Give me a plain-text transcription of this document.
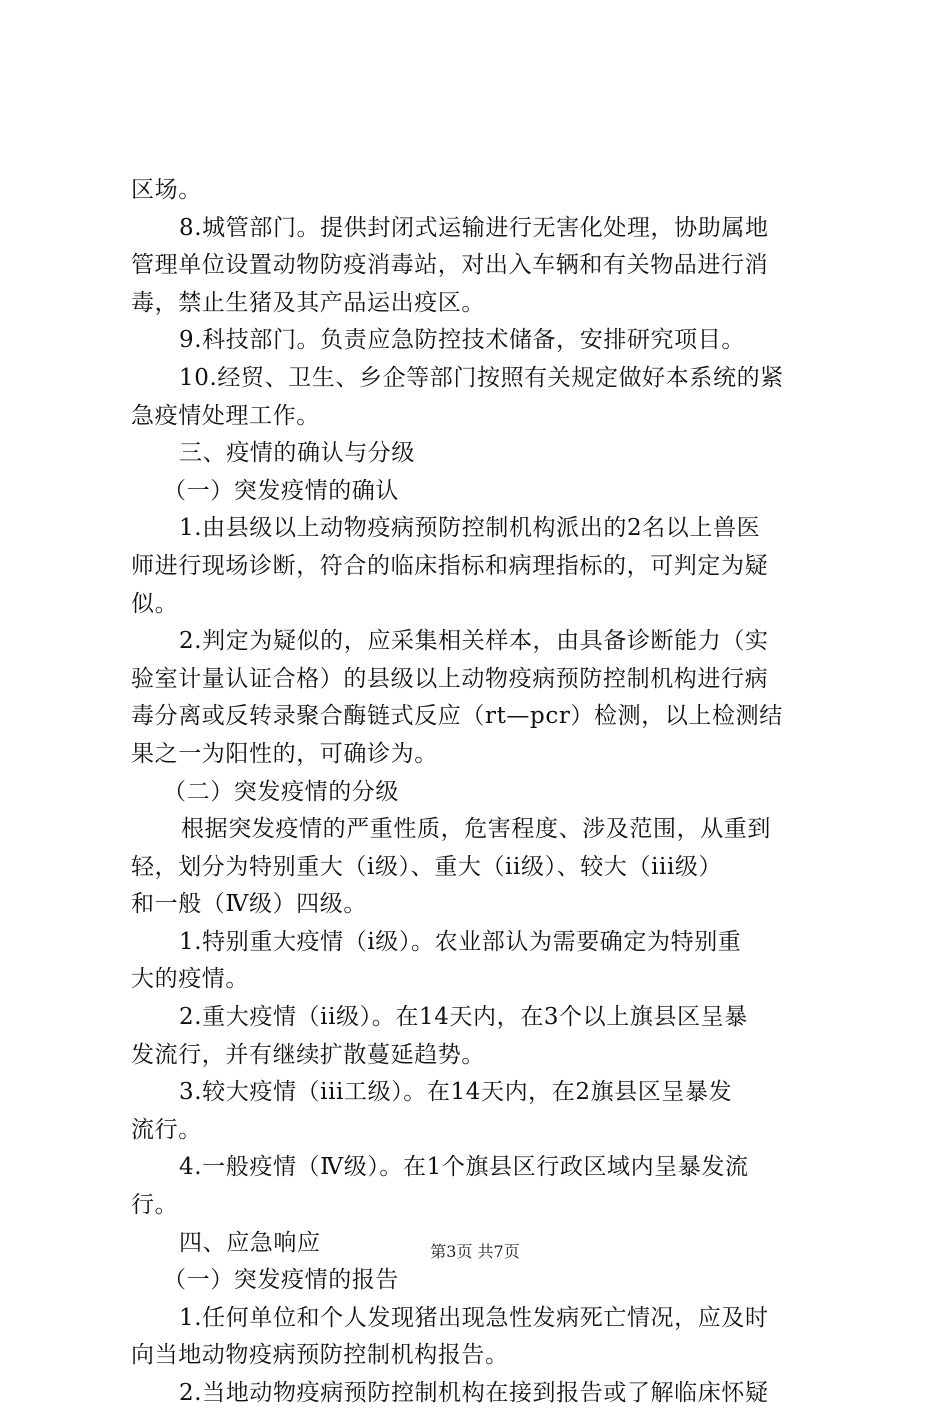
区场。
8.城管部门。提供封闭式运输进行无害化处理，协助属地
管理单位设置动物防疫消毒站，对出入车辆和有关物品进行消
毒，禁止生猪及其产品运出疫区。
9.科技部门。负责应急防控技术储备，安排研究项目。
10.经贸、卫生、乡企等部门按照有关规定做好本系统的紧
急疫情处理工作。
三、疫情的确认与分级
（一）突发疫情的确认
1.由县级以上动物疫病预防控制机构派出的2名以上兽医
师进行现场诊断，符合的临床指标和病理指标的，可判定为疑
似。
2.判定为疑似的，应采集相关样本，由具备诊断能力（实
验室计量认证合格）的县级以上动物疫病预防控制机构进行病
毒分离或反转录聚合酶链式反应（rt—pcr）检测，以上检测结
果之一为阳性的，可确诊为。
（二）突发疫情的分级
根据突发疫情的严重性质，危害程度、涉及范围，从重到
轻，划分为特别重大（i级）、重大（ii级）、较大（iii级）
和一般（Ⅳ级）四级。
1.特别重大疫情（i级）。农业部认为需要确定为特别重
大的疫情。
2.重大疫情（ii级）。在14天内，在3个以上旗县区呈暴
发流行，并有继续扩散蔓延趋势。
3.较大疫情（iii工级）。在14天内，在2旗县区呈暴发
流行。
4.一般疫情（Ⅳ级）。在1个旗县区行政区域内呈暴发流
行。
四、应急响应
（一）突发疫情的报告
1.任何单位和个人发现猪出现急性发病死亡情况，应及时
向当地动物疫病预防控制机构报告。
2.当地动物疫病预防控制机构在接到报告或了解临床怀疑
第3页 共7页
